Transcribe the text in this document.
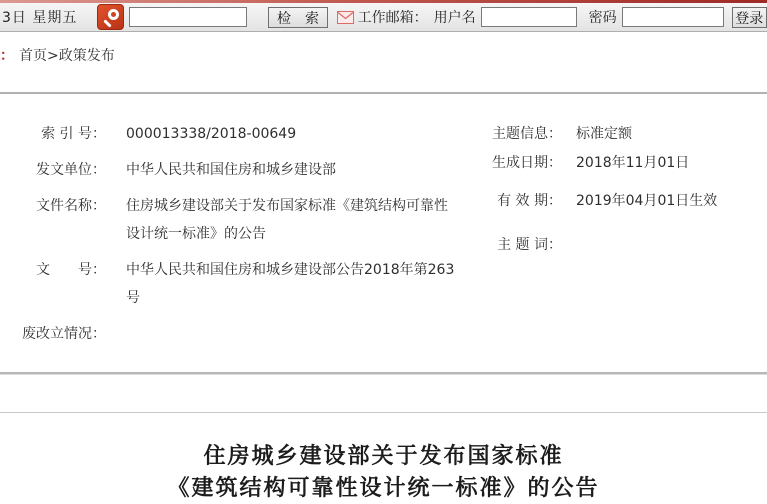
3日 星期五	检　索	工作邮箱： 用户名	密码	登录
： 首页>政策发布
索 引 号：	000013338/2018-00649
发文单位：	中华人民共和国住房和城乡建设部
文件名称：	住房城乡建设部关于发布国家标准《建筑结构可靠性设计统一标准》的公告
文　　号：	中华人民共和国住房和城乡建设部公告2018年第263号
废改立情况：
主题信息：	标准定额
生成日期：	2018年11月01日
有 效 期：	2019年04月01日生效
主 题 词：
住房城乡建设部关于发布国家标准
《建筑结构可靠性设计统一标准》的公告
